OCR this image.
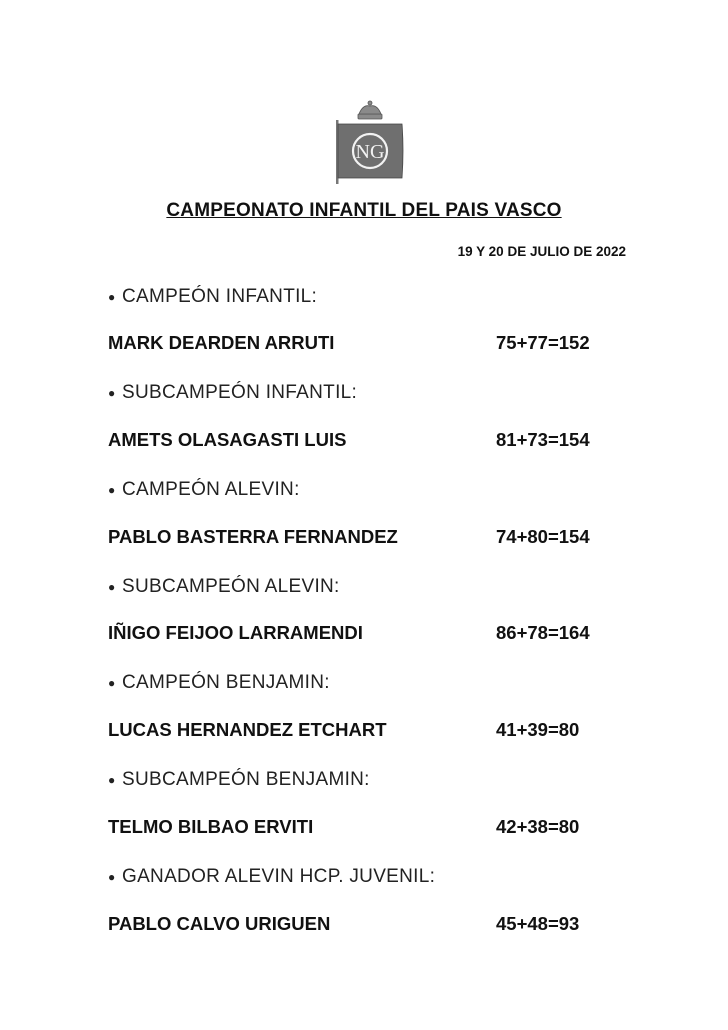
NG
CAMPEONATO INFANTIL DEL PAIS VASCO
19 Y 20 DE JULIO DE 2022
● CAMPEÓN INFANTIL:
MARK DEARDEN ARRUTI	75+77=152
● SUBCAMPEÓN INFANTIL:
AMETS OLASAGASTI LUIS	81+73=154
● CAMPEÓN ALEVIN:
PABLO BASTERRA FERNANDEZ	74+80=154
● SUBCAMPEÓN ALEVIN:
IÑIGO FEIJOO LARRAMENDI	86+78=164
● CAMPEÓN BENJAMIN:
LUCAS HERNANDEZ ETCHART	41+39=80
● SUBCAMPEÓN BENJAMIN:
TELMO BILBAO ERVITI	42+38=80
● GANADOR ALEVIN HCP. JUVENIL:
PABLO CALVO URIGUEN	45+48=93
